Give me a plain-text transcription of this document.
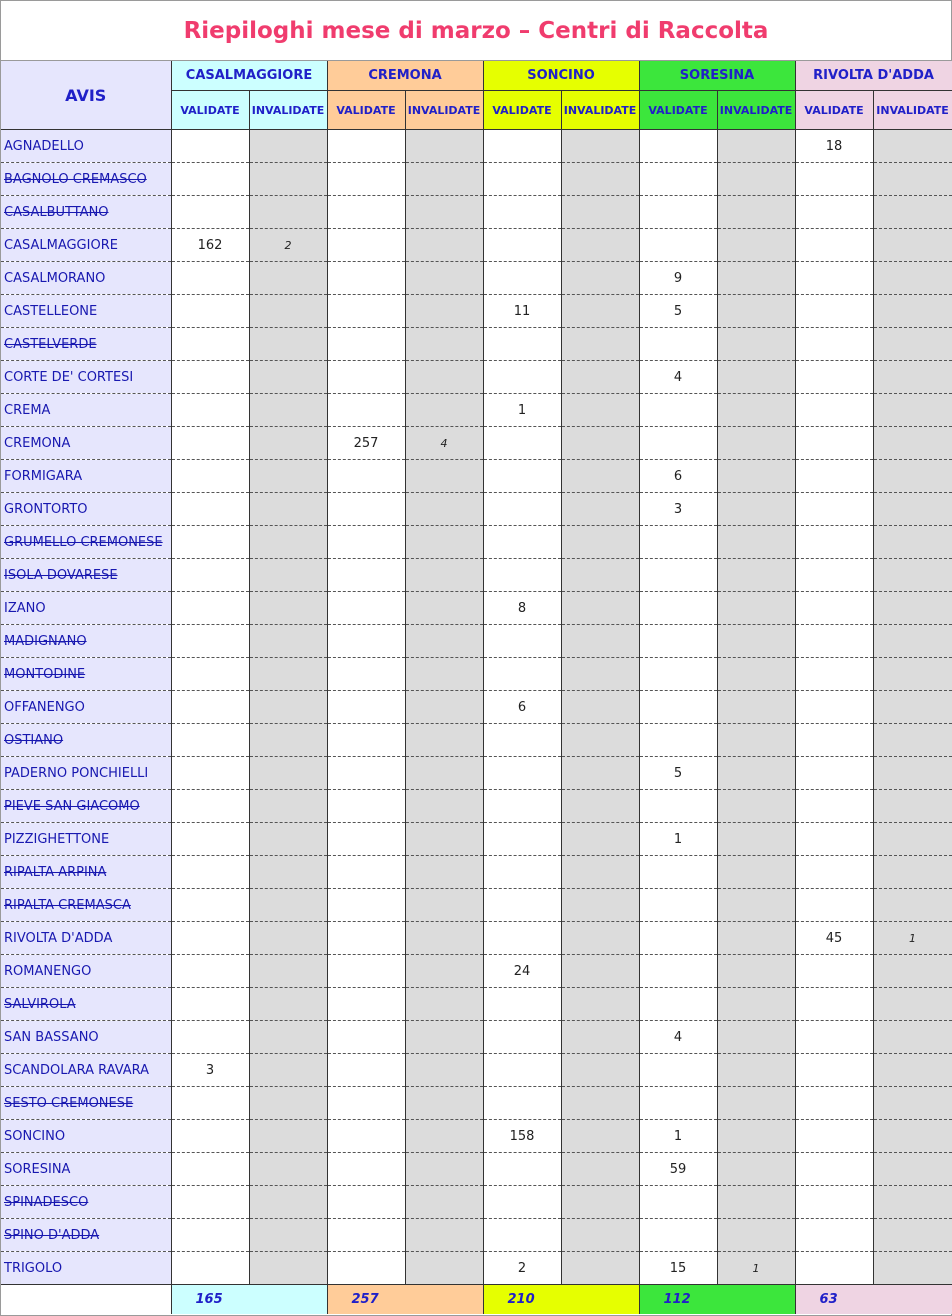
Riepiloghi mese di marzo – Centri di Raccolta
AVIS	CASALMAGGIORE		CREMONA		SONCINO		SORESINA		RIVOLTA D'ADDA	
	VALIDATE	INVALIDATE	VALIDATE	INVALIDATE	VALIDATE	INVALIDATE	VALIDATE	INVALIDATE	VALIDATE	INVALIDATE
AGNADELLO									18	
BAGNOLO CREMASCO										
CASALBUTTANO										
CASALMAGGIORE	162	2								
CASALMORANO							9			
CASTELLEONE					11		5			
CASTELVERDE										
CORTE DE' CORTESI							4			
CREMA					1					
CREMONA			257	4						
FORMIGARA							6			
GRONTORTO							3			
GRUMELLO CREMONESE										
ISOLA DOVARESE										
IZANO					8					
MADIGNANO										
MONTODINE										
OFFANENGO					6					
OSTIANO										
PADERNO PONCHIELLI							5			
PIEVE SAN GIACOMO										
PIZZIGHETTONE							1			
RIPALTA ARPINA										
RIPALTA CREMASCA										
RIVOLTA D'ADDA									45	1
ROMANENGO					24					
SALVIROLA										
SAN BASSANO							4			
SCANDOLARA RAVARA	3									
SESTO CREMONESE										
SONCINO					158		1			
SORESINA							59			
SPINADESCO										
SPINO D'ADDA										
TRIGOLO					2		15	1		
	165		257		210		112		63	
